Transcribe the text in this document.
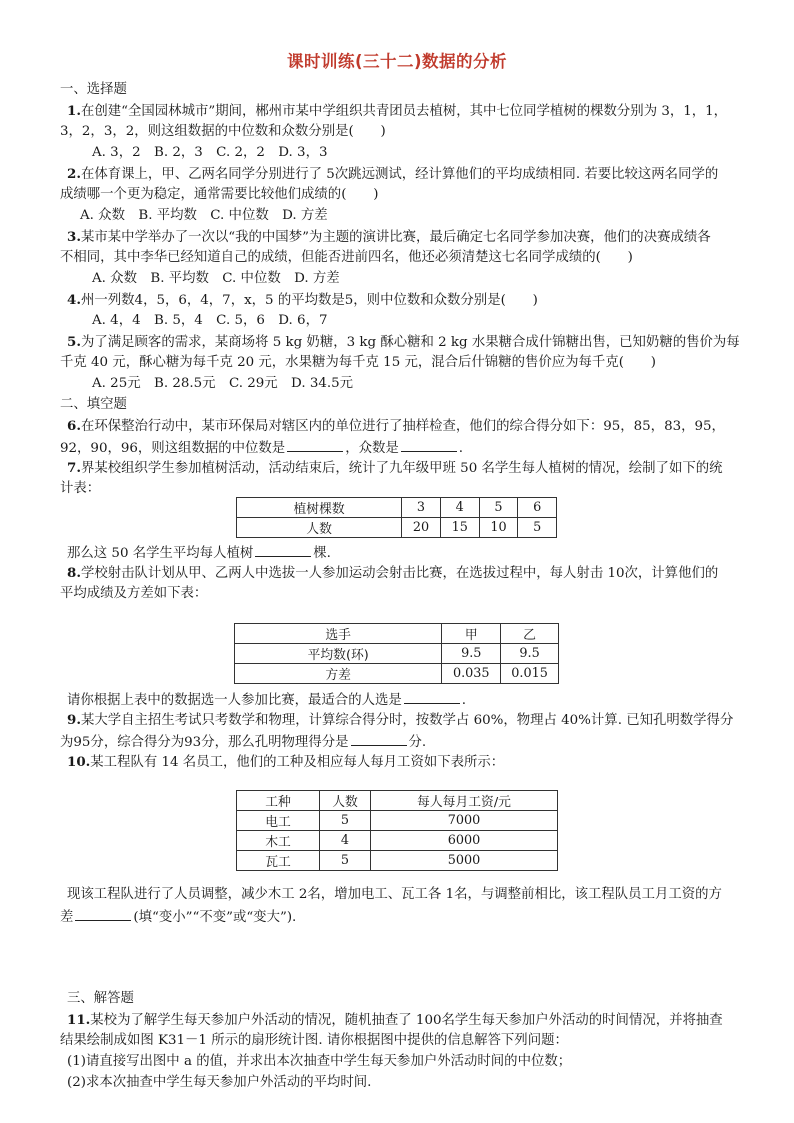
课时训练(三十二)数据的分析
一、选择题
1.在创建“全国园林城市”期间，郴州市某中学组织共青团员去植树，其中七位同学植树的棵数分别为 3，1，1，
3，2，3，2，则这组数据的中位数和众数分别是(　　)
A. 3，2　B. 2，3　C. 2，2　D. 3，3
2.在体育课上，甲、乙两名同学分别进行了 5次跳远测试，经计算他们的平均成绩相同. 若要比较这两名同学的
成绩哪一个更为稳定，通常需要比较他们成绩的(　　)
A. 众数　B. 平均数　C. 中位数　D. 方差
3.某市某中学举办了一次以“我的中国梦”为主题的演讲比赛，最后确定七名同学参加决赛，他们的决赛成绩各
不相同，其中李华已经知道自己的成绩，但能否进前四名，他还必须清楚这七名同学成绩的(　　)
A. 众数　B. 平均数　C. 中位数　D. 方差
4.州一列数4，5，6，4，7，x，5 的平均数是5，则中位数和众数分别是(　　)
A. 4，4　B. 5，4　C. 5，6　D. 6，7
5.为了满足顾客的需求，某商场将 5 kg 奶糖，3 kg 酥心糖和 2 kg 水果糖合成什锦糖出售，已知奶糖的售价为每
千克 40 元，酥心糖为每千克 20 元，水果糖为每千克 15 元，混合后什锦糖的售价应为每千克(　　)
A. 25元　B. 28.5元　C. 29元　D. 34.5元
二、填空题
6.在环保整治行动中，某市环保局对辖区内的单位进行了抽样检查，他们的综合得分如下：95，85，83，95，
92，90，96，则这组数据的中位数是	，众数是	.
7.界某校组织学生参加植树活动，活动结束后，统计了九年级甲班 50 名学生每人植树的情况，绘制了如下的统
计表：
植树棵数	3	4	5	6
人数	20	15	10	5
那么这 50 名学生平均每人植树	棵.
8.学校射击队计划从甲、乙两人中选拔一人参加运动会射击比赛，在选拔过程中，每人射击 10次，计算他们的
平均成绩及方差如下表：
选手	甲	乙
平均数(环)	9.5	9.5
方差	0.035	0.015
请你根据上表中的数据选一人参加比赛，最适合的人选是	.
9.某大学自主招生考试只考数学和物理，计算综合得分时，按数学占 60%，物理占 40%计算. 已知孔明数学得分
为95分，综合得分为93分，那么孔明物理得分是	分.
10.某工程队有 14 名员工，他们的工种及相应每人每月工资如下表所示：
工种	人数	每人每月工资/元
电工	5	7000
木工	4	6000
瓦工	5	5000
现该工程队进行了人员调整，减少木工 2名，增加电工、瓦工各 1名，与调整前相比，该工程队员工月工资的方
差	(填“变小”“不变”或“变大”).
三、解答题
11.某校为了解学生每天参加户外活动的情况，随机抽查了 100名学生每天参加户外活动的时间情况，并将抽查
结果绘制成如图 K31－1 所示的扇形统计图. 请你根据图中提供的信息解答下列问题：
(1)请直接写出图中 a 的值，并求出本次抽查中学生每天参加户外活动时间的中位数；
(2)求本次抽查中学生每天参加户外活动的平均时间.
